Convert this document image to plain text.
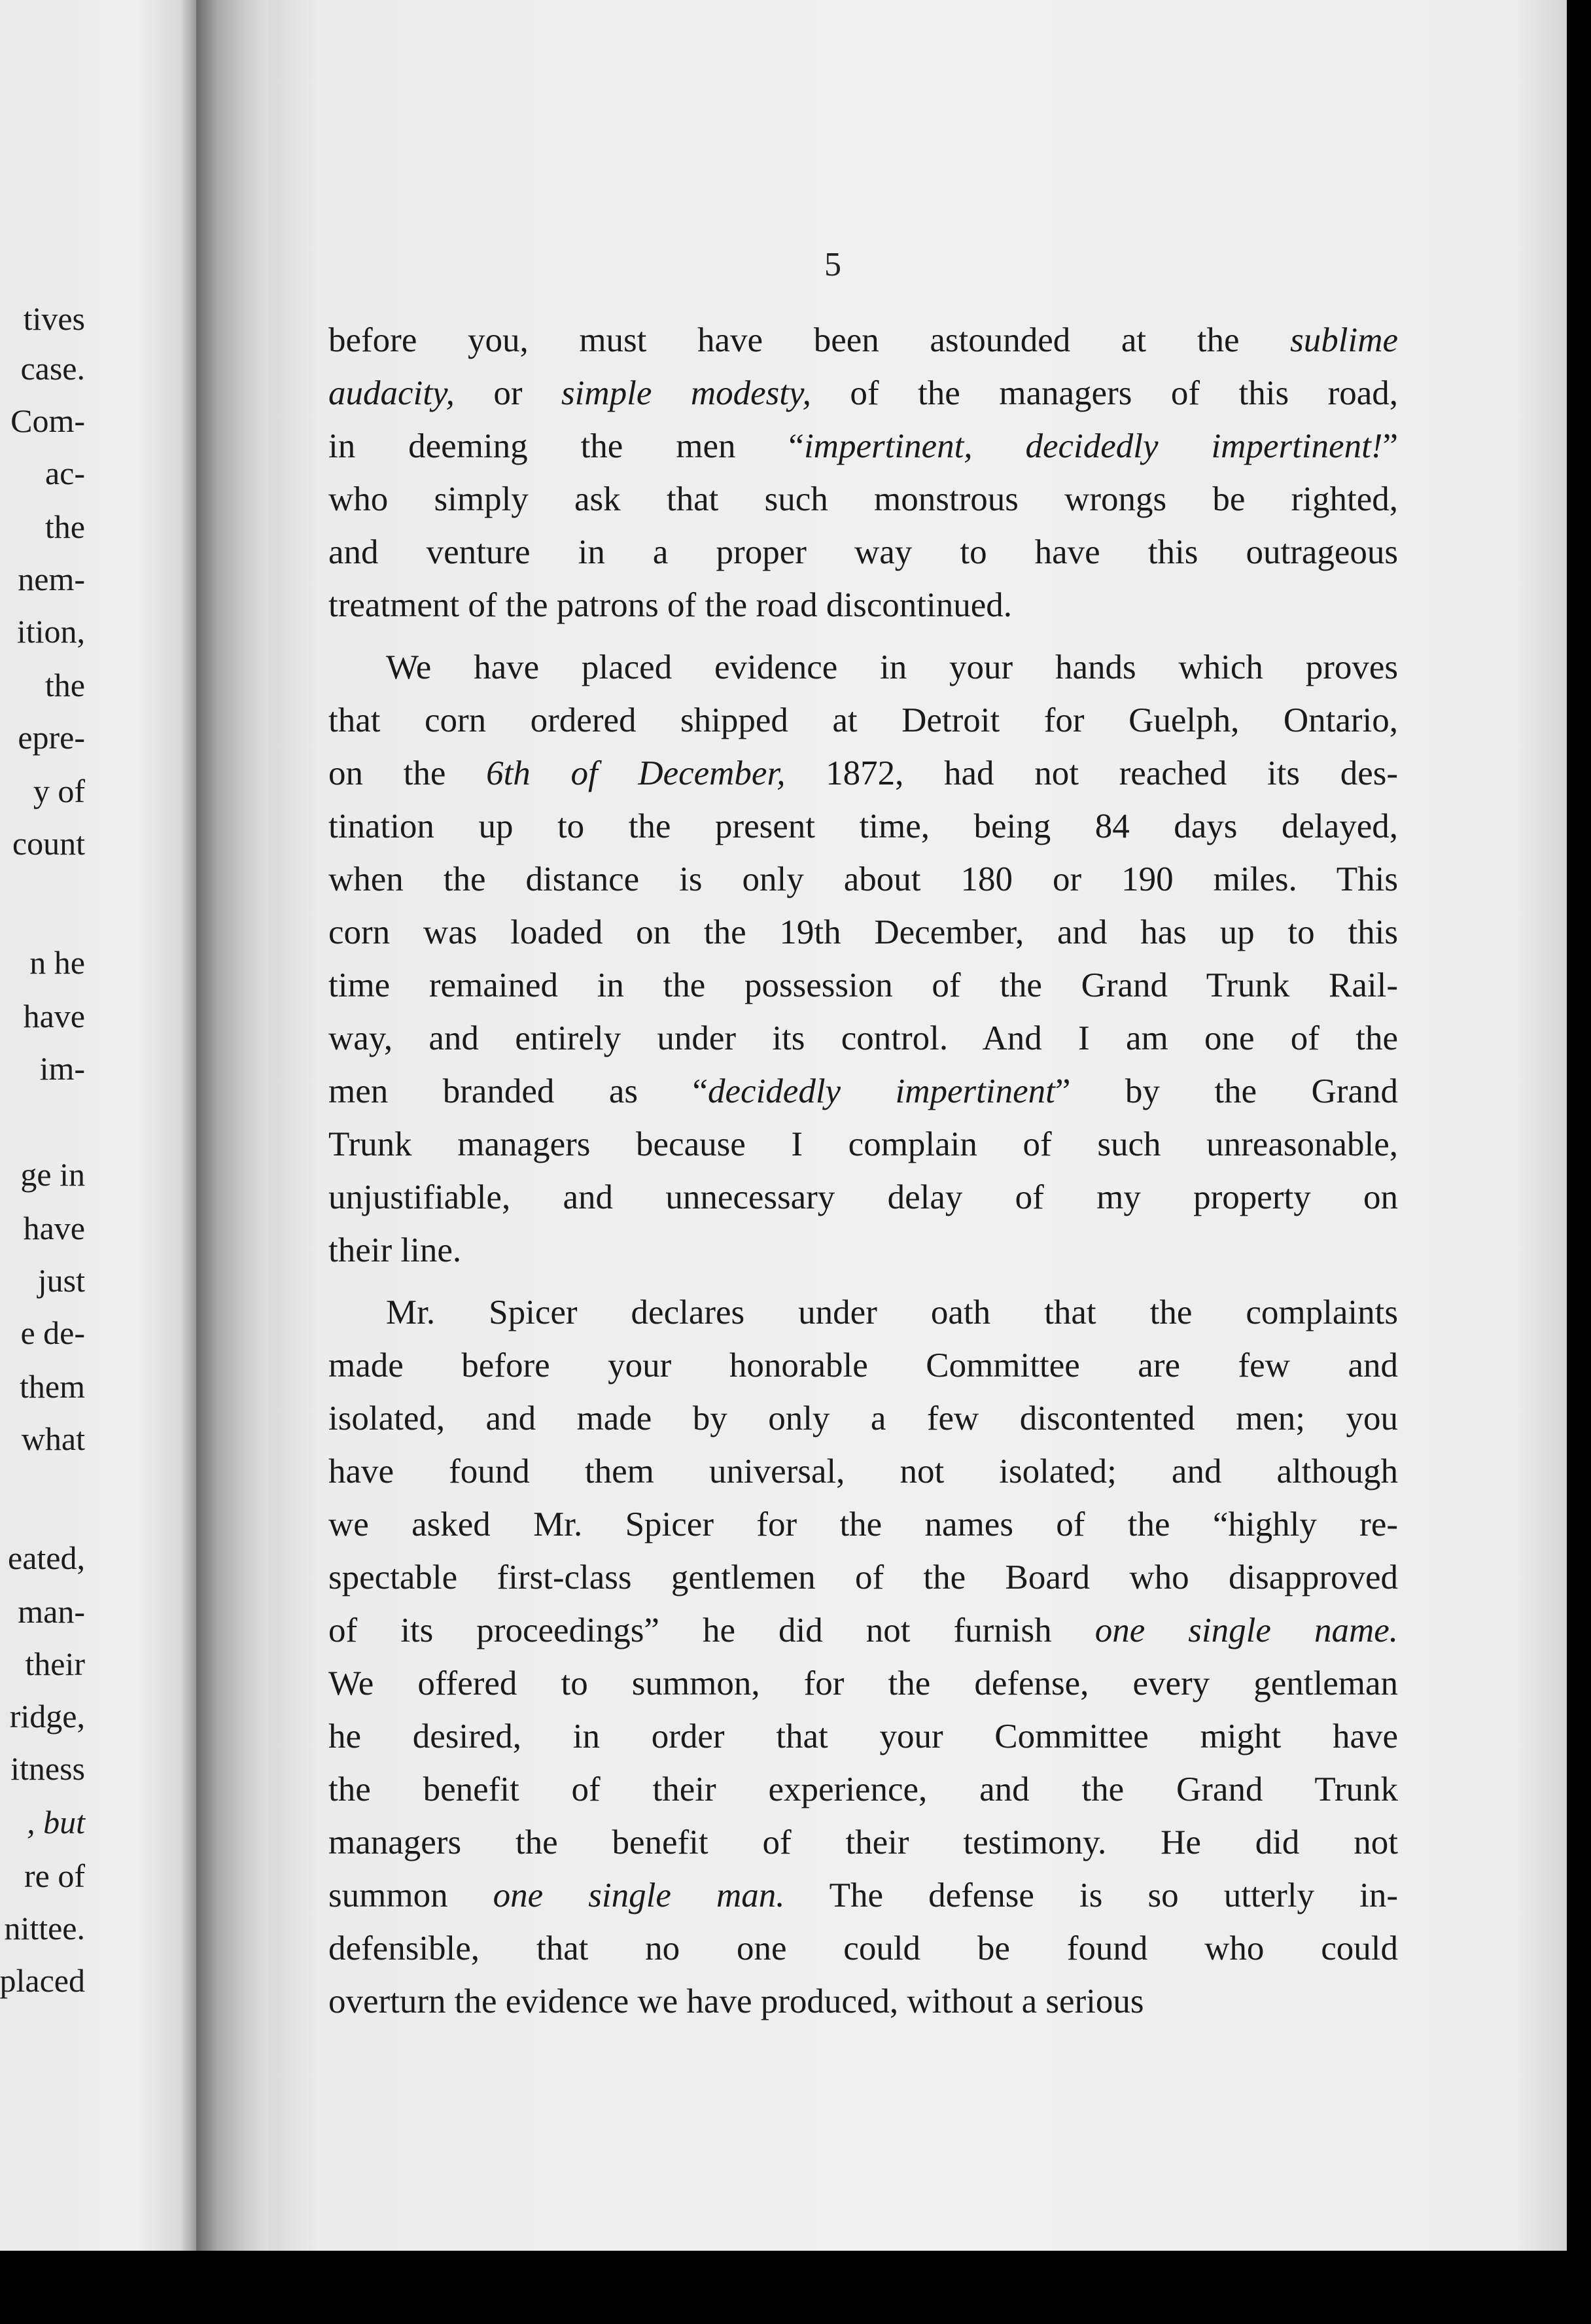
tives
case.
Com-
ac-
the
nem-
ition,
the
epre-
y of
count
n he
have
im-
ge in
have
just
e de-
them
what
eated,
man-
their
ridge,
itness
, but
re of
nittee.
placed
5
before you, must have been astounded at the sublime
audacity, or simple modesty, of the managers of this road,
in deeming the men “impertinent, decidedly impertinent!”
who simply ask that such monstrous wrongs be righted,
and venture in a proper way to have this outrageous
treatment of the patrons of the road discontinued.
We have placed evidence in your hands which proves
that corn ordered shipped at Detroit for Guelph, Ontario,
on the 6th of December, 1872, had not reached its des-
tination up to the present time, being 84 days delayed,
when the distance is only about 180 or 190 miles. This
corn was loaded on the 19th December, and has up to this
time remained in the possession of the Grand Trunk Rail-
way, and entirely under its control. And I am one of the
men branded as “decidedly impertinent” by the Grand
Trunk managers because I complain of such unreasonable,
unjustifiable, and unnecessary delay of my property on
their line.
Mr. Spicer declares under oath that the complaints
made before your honorable Committee are few and
isolated, and made by only a few discontented men; you
have found them universal, not isolated; and although
we asked Mr. Spicer for the names of the “highly re-
spectable first-class gentlemen of the Board who disapproved
of its proceedings” he did not furnish one single name.
We offered to summon, for the defense, every gentleman
he desired, in order that your Committee might have
the benefit of their experience, and the Grand Trunk
managers the benefit of their testimony. He did not
summon one single man. The defense is so utterly in-
defensible, that no one could be found who could
overturn the evidence we have produced, without a serious
